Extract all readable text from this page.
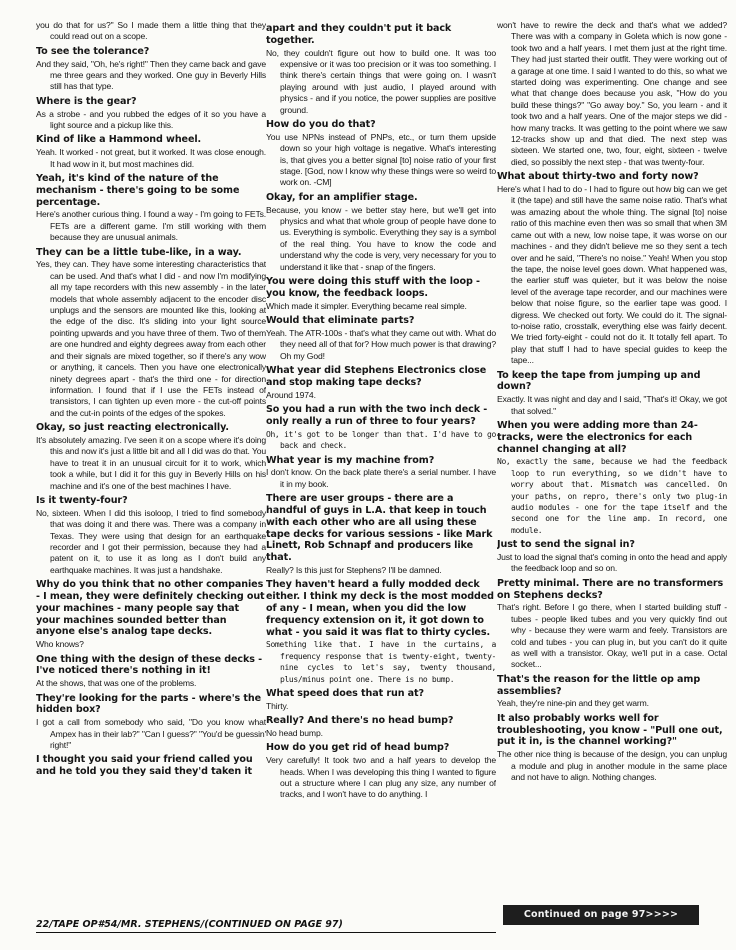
you do that for us?" So I made them a little thing that they could read out on a scope.

To see the tolerance?

And they said, "Oh, he's right!" Then they came back and gave me three gears and they worked. One guy in Beverly Hills still has that type.

Where is the gear?

As a strobe - and you rubbed the edges of it so you have a light source and a pickup like this.

Kind of like a Hammond wheel.

Yeah. It worked - not great, but it worked. It was close enough. It had wow in it, but most machines did.

Yeah, it's kind of the nature of the mechanism - there's going to be some percentage.

Here's another curious thing. I found a way - I'm going to FETs. FETs are a different game. I'm still working with them because they are unusual animals.

They can be a little tube-like, in a way.

Yes, they can. They have some interesting characteristics that can be used. And that's what I did - and now I'm modifying all my tape recorders with this new assembly - in the later models that whole assembly adjacent to the encoder disc unplugs and the sensors are mounted like this, looking at the edge of the disc. It's sliding into your light source pointing upwards and you have three of them. Two of them are one hundred and eighty degrees away from each other and their signals are mixed together, so if there's any wow or anything, it cancels. Then you have one electronically ninety degrees apart - that's the third one - for direction information. I found that if I use the FETs instead of transistors, I can tighten up even more - the cut-off points and the cut-in points of the edges of the spokes.

Okay, so just reacting electronically.

It's absolutely amazing. I've seen it on a scope where it's doing this and now it's just a little bit and all I did was do that. You have to treat it in an unusual circuit for it to work, which took a while, but I did it for this guy in Beverly Hills on his machine and it's one of the best machines I have.

Is it twenty-four?

No, sixteen. When I did this isoloop, I tried to find somebody that was doing it and there was. There was a company in Texas. They were using that design for an earthquake recorder and I got their permission, because they had a patent on it, to use it as long as I don't build any earthquake machines. It was just a handshake.

Why do you think that no other companies - I mean, they were definitely checking out your machines - many people say that your machines sounded better than anyone else's analog tape decks.

Who knows?

One thing with the design of these decks - I've noticed there's nothing in it!

At the shows, that was one of the problems.

They're looking for the parts - where's the hidden box?

I got a call from somebody who said, "Do you know what Ampex has in their lab?" "Can I guess?" "You'd be guessin' right!"

I thought you said your friend called you and he told you they said they'd taken it

apart and they couldn't put it back together.

No, they couldn't figure out how to build one. It was too expensive or it was too precision or it was too something. I think there's certain things that were going on. I wasn't playing around with just audio, I played around with physics - and if you notice, the power supplies are positive ground.

How do you do that?

You use NPNs instead of PNPs, etc., or turn them upside down so your high voltage is negative. What's interesting is, that gives you a better signal [to] noise ratio of your first stage. [God, now I know why these things were so weird to work on. -CM]

Okay, for an amplifier stage.

Because, you know - we better stay here, but we'll get into physics and what that whole group of people have done to us. Everything is symbolic. Everything they say is a symbol of the real thing. You have to know the code and understand why the code is very, very necessary for you to understand it like that - snap of the fingers.

You were doing this stuff with the loop - you know, the feedback loops.

Which made it simpler. Everything became real simple.

Would that eliminate parts?

Yeah. The ATR-100s - that's what they came out with. What do they need all of that for? How much power is that drawing? Oh my God!

What year did Stephens Electronics close and stop making tape decks?

Around 1974.

So you had a run with the two inch deck - only really a run of three to four years?

Oh, it's got to be longer than that. I'd have to go back and check.

What year is my machine from?

I don't know. On the back plate there's a serial number. I have it in my book.

There are user groups - there are a handful of guys in L.A. that keep in touch with each other who are all using these tape decks for various sessions - like Mark Linett, Rob Schnapf and producers like that.

Really? Is this just for Stephens? I'll be damned.

They haven't heard a fully modded deck either. I think my deck is the most modded of any - I mean, when you did the low frequency extension on it, it got down to what - you said it was flat to thirty cycles.

Something like that. I have in the curtains, a frequency response that is twenty-eight, twenty-nine cycles to let's say, twenty thousand, plus/minus point one. There is no bump.

What speed does that run at?

Thirty.

Really? And there's no head bump?

No head bump.

How do you get rid of head bump?

Very carefully! It took two and a half years to develop the heads. When I was developing this thing I wanted to figure out a structure where I can plug any size, any number of tracks, and I won't have to do anything. I

won't have to rewire the deck and that's what we added? There was with a company in Goleta which is now gone - took two and a half years. I met them just at the right time. They had just started their outfit. They were working out of a garage at one time. I said I wanted to do this, so what we started doing was experimenting. One change and see what that change does because you ask, "How do you build these things?" "Go away boy." So, you learn - and it took two and a half years. One of the major steps we did - how many tracks. It was getting to the point where we saw 12-tracks show up and that died. The next step was sixteen. We started one, two, four, eight, sixteen - twelve died, so possibly the next step - that was twenty-four.

What about thirty-two and forty now?

Here's what I had to do - I had to figure out how big can we get it (the tape) and still have the same noise ratio. That's what was amazing about the whole thing. The signal [to] noise ratio of this machine even then was so small that when 3M came out with a new, low noise tape, it was worse on our machines - and they didn't believe me so they sent a tech over and he said, "There's no noise." Yeah! When you stop the tape, the noise level goes down. What happened was, the earlier stuff was quieter, but it was below the noise level of the average tape recorder, and our machines were below that noise figure, so the earlier tape was good. I digress. We checked out forty. We could do it. The signal-to-noise ratio, crosstalk, everything else was fairly decent. We tried forty-eight - could not do it. It totally fell apart. To play that stuff I had to have special guides to keep the tape...

To keep the tape from jumping up and down?

Exactly. It was night and day and I said, "That's it! Okay, we got that solved."

When you were adding more than 24-tracks, were the electronics for each channel changing at all?

No, exactly the same, because we had the feedback loop to run everything, so we didn't have to worry about that. Mismatch was cancelled. On your paths, on repro, there's only two plug-in audio modules - one for the tape itself and the second one for the line amp. In record, one module.

Just to send the signal in?

Just to load the signal that's coming in onto the head and apply the feedback loop and so on.

Pretty minimal. There are no transformers on Stephens decks?

That's right. Before I go there, when I started building stuff - tubes - people liked tubes and you very quickly find out why - because they were warm and feely. Transistors are cold and tubes - you can plug in, but you can't do it quite as well with a transistor. Okay, we'll put in a case. Octal socket...

That's the reason for the little op amp assemblies?

Yeah, they're nine-pin and they get warm.

It also probably works well for troubleshooting, you know - "Pull one out, put it in, is the channel working?"

The other nice thing is because of the design, you can unplug a module and plug in another module in the same place and not have to align. Nothing changes.

22/TAPE OP#54/MR. STEPHENS/(CONTINUED ON PAGE 97)
Continued on page 97>>>>
